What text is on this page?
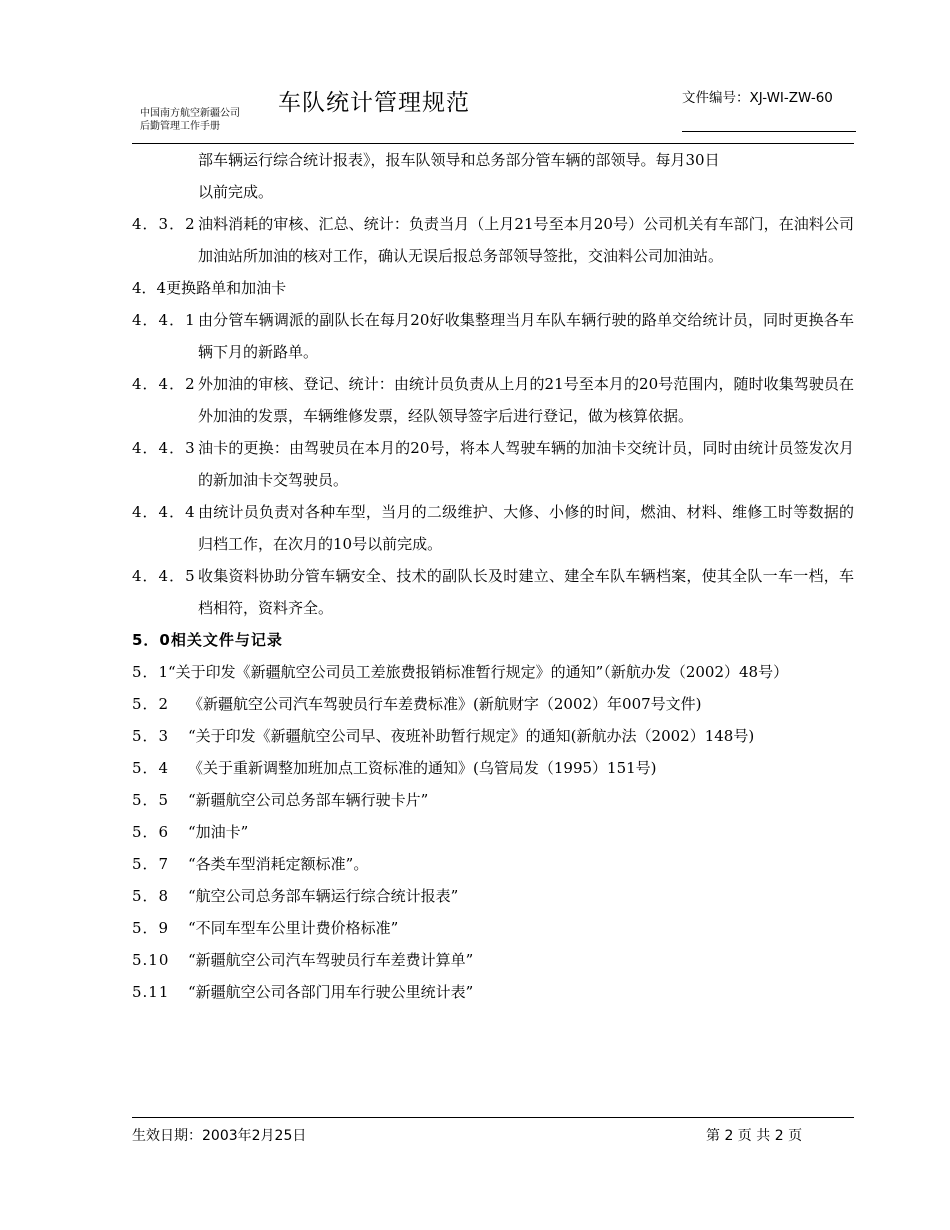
中国南方航空新疆公司
后勤管理工作手册
车队统计管理规范	文件编号：XJ-WI-ZW-60
部车辆运行综合统计报表》，报车队领导和总务部分管车辆的部领导。每月30日
以前完成。
4．3．2 油料消耗的审核、汇总、统计：负责当月（上月21号至本月20号）公司机关有车部门，在油料公司加油站所加油的核对工作，确认无误后报总务部领导签批，交油料公司加油站。
4．4更换路单和加油卡
4．4．1 由分管车辆调派的副队长在每月20好收集整理当月车队车辆行驶的路单交给统计员，同时更换各车辆下月的新路单。
4．4．2 外加油的审核、登记、统计：由统计员负责从上月的21号至本月的20号范围内，随时收集驾驶员在外加油的发票，车辆维修发票，经队领导签字后进行登记，做为核算依据。
4．4．3 油卡的更换：由驾驶员在本月的20号，将本人驾驶车辆的加油卡交统计员，同时由统计员签发次月的新加油卡交驾驶员。
4．4．4 由统计员负责对各种车型，当月的二级维护、大修、小修的时间，燃油、材料、维修工时等数据的归档工作，在次月的10号以前完成。
4．4．5 收集资料协助分管车辆安全、技术的副队长及时建立、建全车队车辆档案，使其全队一车一档，车档相符，资料齐全。
5．0相关文件与记录
5．1
“关于印发《新疆航空公司员工差旅费报销标准暂行规定》的通知”（新航办发（2002）48号）
5．2 《新疆航空公司汽车驾驶员行车差费标准》(新航财字（2002）年007号文件)
5．3 “关于印发《新疆航空公司早、夜班补助暂行规定》的通知(新航办法（2002）148号)
5．4 《关于重新调整加班加点工资标准的通知》(乌管局发（1995）151号)
5．5 “新疆航空公司总务部车辆行驶卡片”
5．6 “加油卡”
5．7 “各类车型消耗定额标准”。
5．8 “航空公司总务部车辆运行综合统计报表”
5．9 “不同车型车公里计费价格标准”
5.10 “新疆航空公司汽车驾驶员行车差费计算单”
5.11 “新疆航空公司各部门用车行驶公里统计表”
生效日期：2003年2月25日	第 2 页 共 2 页
